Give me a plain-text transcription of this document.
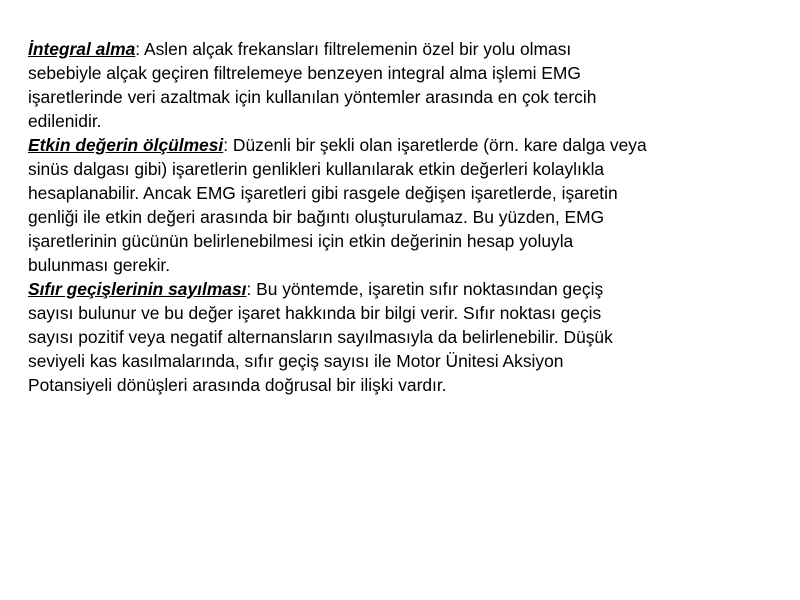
İntegral alma: Aslen alçak frekansları filtrelemenin özel bir yolu olması
sebebiyle alçak geçiren filtrelemeye benzeyen integral alma işlemi EMG
işaretlerinde veri azaltmak için kullanılan yöntemler arasında en çok tercih
edilenidir.

Etkin değerin ölçülmesi: Düzenli bir şekli olan işaretlerde (örn. kare dalga veya
sinüs dalgası gibi) işaretlerin genlikleri kullanılarak etkin değerleri kolaylıkla
hesaplanabilir. Ancak EMG işaretleri gibi rasgele değişen işaretlerde, işaretin
genliği ile etkin değeri arasında bir bağıntı oluşturulamaz. Bu yüzden, EMG
işaretlerinin gücünün belirlenebilmesi için etkin değerinin hesap yoluyla
bulunması gerekir.

Sıfır geçişlerinin sayılması: Bu yöntemde, işaretin sıfır noktasından geçiş
sayısı bulunur ve bu değer işaret hakkında bir bilgi verir. Sıfır noktası geçis
sayısı pozitif veya negatif alternansların sayılmasıyla da belirlenebilir. Düşük
seviyeli kas kasılmalarında, sıfır geçiş sayısı ile Motor Ünitesi Aksiyon
Potansiyeli dönüşleri arasında doğrusal bir ilişki vardır.
